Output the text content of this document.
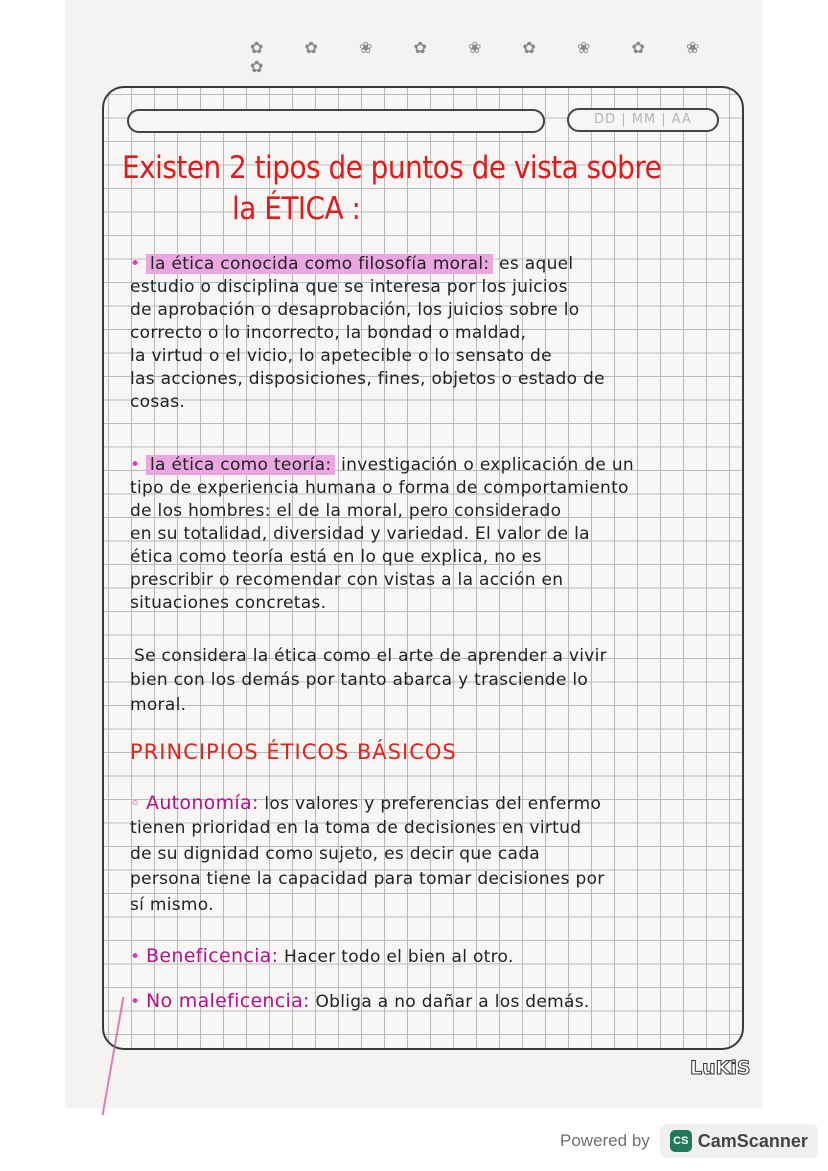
✿ ✿ ❀ ✿ ❀ ✿ ❀ ✿ ❀ ✿
DD | MM | AA
Existen 2 tipos de puntos de vista sobre
la ÉTICA :
• la ética conocida como filosofía moral: es aquel
estudio o disciplina que se interesa por los juicios
de aprobación o desaprobación, los juicios sobre lo
correcto o lo incorrecto, la bondad o maldad,
la virtud o el vicio, lo apetecible o lo sensato de
las acciones, disposiciones, fines, objetos o estado de
cosas.
• la ética como teoría: investigación o explicación de un
tipo de experiencia humana o forma de comportamiento
de los hombres: el de la moral, pero considerado
en su totalidad, diversidad y variedad. El valor de la
ética como teoría está en lo que explica, no es
prescribir o recomendar con vistas a la acción en
situaciones concretas.
Se considera la ética como el arte de aprender a vivir
bien con los demás por tanto abarca y trasciende lo
moral.
PRINCIPIOS ÉTICOS BÁSICOS
◦ Autonomía: los valores y preferencias del enfermo
tienen prioridad en la toma de decisiones en virtud
de su dignidad como sujeto, es decir que cada
persona tiene la capacidad para tomar decisiones por
sí mismo.
• Beneficencia: Hacer todo el bien al otro.
• No maleficencia: Obliga a no dañar a los demás.
LuKiS
Powered by	CS CamScanner
